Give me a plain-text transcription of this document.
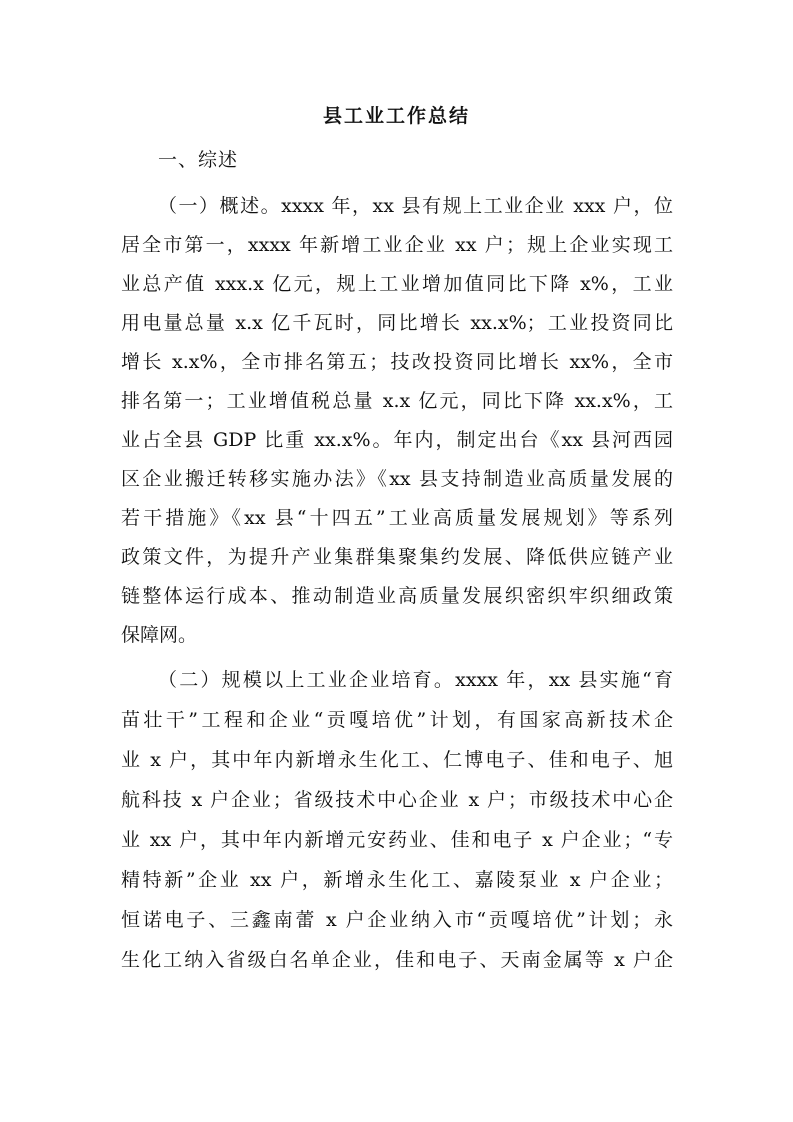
县工业工作总结
一、综述
（一）概述。xxxx 年，xx 县有规上工业企业 xxx 户，位
居全市第一，xxxx 年新增工业企业 xx 户；规上企业实现工
业总产值 xxx.x 亿元，规上工业增加值同比下降 x%，工业
用电量总量 x.x 亿千瓦时，同比增长 xx.x%；工业投资同比
增长 x.x%，全市排名第五；技改投资同比增长 xx%，全市
排名第一；工业增值税总量 x.x 亿元，同比下降 xx.x%，工
业占全县 GDP 比重 xx.x%。年内，制定出台《xx 县河西园
区企业搬迁转移实施办法》《xx 县支持制造业高质量发展的
若干措施》《xx 县“十四五”工业高质量发展规划》等系列
政策文件，为提升产业集群集聚集约发展、降低供应链产业
链整体运行成本、推动制造业高质量发展织密织牢织细政策
保障网。
（二）规模以上工业企业培育。xxxx 年，xx 县实施“育
苗壮干”工程和企业“贡嘎培优”计划，有国家高新技术企
业 x 户，其中年内新增永生化工、仁博电子、佳和电子、旭
航科技 x 户企业；省级技术中心企业 x 户；市级技术中心企
业 xx 户，其中年内新增元安药业、佳和电子 x 户企业；“专
精特新”企业 xx 户，新增永生化工、嘉陵泵业 x 户企业；
恒诺电子、三鑫南蕾 x 户企业纳入市“贡嘎培优”计划；永
生化工纳入省级白名单企业，佳和电子、天南金属等 x 户企
